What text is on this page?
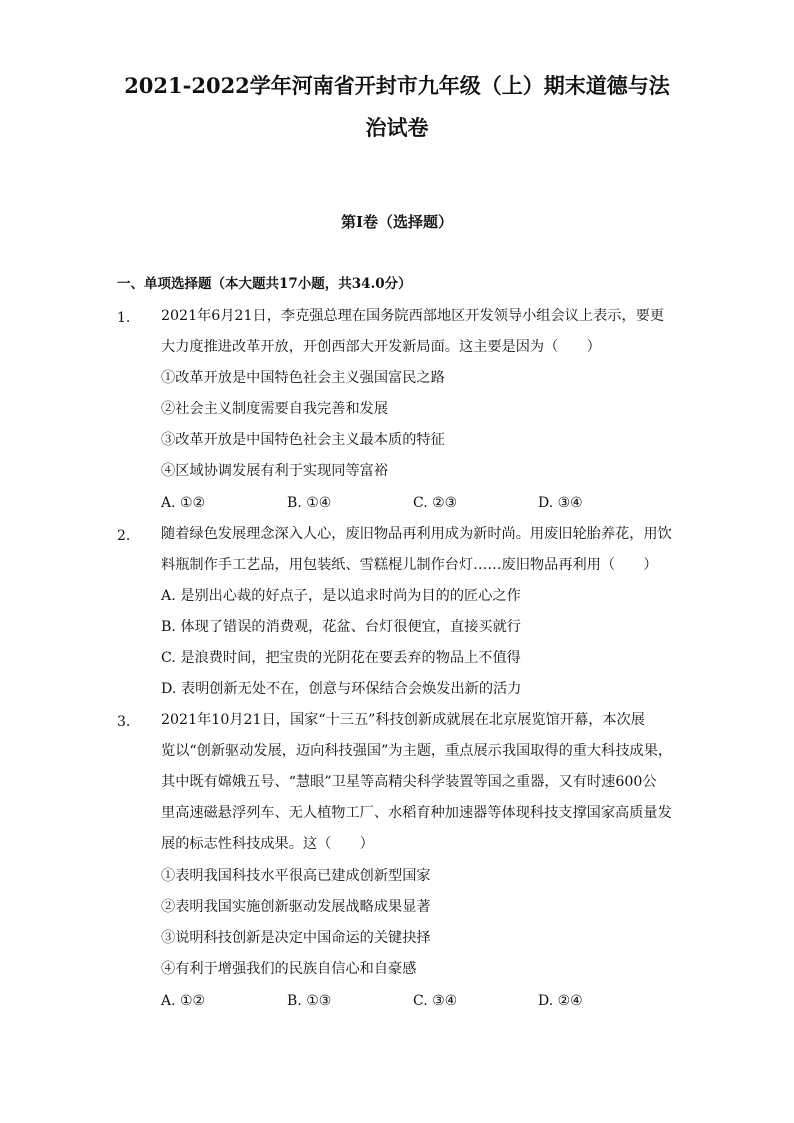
2021-2022学年河南省开封市九年级（上）期末道德与法
治试卷
第I卷（选择题）
一、单项选择题（本大题共17小题，共34.0分）
1. 2021年6月21日，李克强总理在国务院西部地区开发领导小组会议上表示，要更
大力度推进改革开放，开创西部大开发新局面。这主要是因为（　　）
①改革开放是中国特色社会主义强国富民之路
②社会主义制度需要自我完善和发展
③改革开放是中国特色社会主义最本质的特征
④区域协调发展有利于实现同等富裕
A. ①②	B. ①④	C. ②③	D. ③④
2. 随着绿色发展理念深入人心，废旧物品再利用成为新时尚。用废旧轮胎养花，用饮
料瓶制作手工艺品，用包装纸、雪糕棍儿制作台灯……废旧物品再利用（　　）
A. 是别出心裁的好点子，是以追求时尚为目的的匠心之作
B. 体现了错误的消费观，花盆、台灯很便宜，直接买就行
C. 是浪费时间，把宝贵的光阴花在要丢弃的物品上不值得
D. 表明创新无处不在，创意与环保结合会焕发出新的活力
3. 2021年10月21日，国家“十三五”科技创新成就展在北京展览馆开幕，本次展
览以“创新驱动发展，迈向科技强国”为主题，重点展示我国取得的重大科技成果，
其中既有嫦娥五号、“慧眼”卫星等高精尖科学装置等国之重器，又有时速600公
里高速磁悬浮列车、无人植物工厂、水稻育种加速器等体现科技支撑国家高质量发
展的标志性科技成果。这（　　）
①表明我国科技水平很高已建成创新型国家
②表明我国实施创新驱动发展战略成果显著
③说明科技创新是决定中国命运的关键抉择
④有利于增强我们的民族自信心和自豪感
A. ①②	B. ①③	C. ③④	D. ②④
